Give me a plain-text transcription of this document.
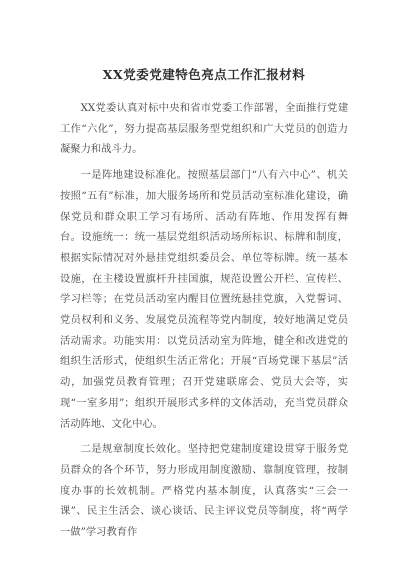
XX党委党建特色亮点工作汇报材料

XX党委认真对标中央和省市党委工作部署，全面推行党建工作“六化”，努力提高基层服务型党组织和广大党员的创造力凝聚力和战斗力。

一是阵地建设标准化。按照基层部门“八有六中心”、机关按照“五有”标准，加大服务场所和党员活动室标准化建设，确保党员和群众职工学习有场所、活动有阵地、作用发挥有舞台。设施统一：统一基层党组织活动场所标识、标牌和制度，根据实际情况对外悬挂党组织委员会、单位等标牌。统一基本设施，在主楼设置旗杆升挂国旗，规范设置公开栏、宣传栏、学习栏等；在党员活动室内醒目位置统悬挂党旗，入党誓词、党员权利和义务、发展党员流程等党内制度，较好地满足党员活动需求。功能实用：以党员活动室为阵地，健全和改进党的组织生活形式，使组织生活正常化；开展“百场党课下基层”活动，加强党员教育管理；召开党建联席会、党员大会等，实现“一室多用”；组织开展形式多样的文体活动，充当党员群众活动阵地、文化中心。

二是规章制度长效化。坚持把党建制度建设贯穿于服务党员群众的各个环节，努力形成用制度激励、靠制度管理，按制度办事的长效机制。严格党内基本制度，认真落实“三会一课”、民主生活会、谈心谈话、民主评议党员等制度，将“两学一做”学习教育作
